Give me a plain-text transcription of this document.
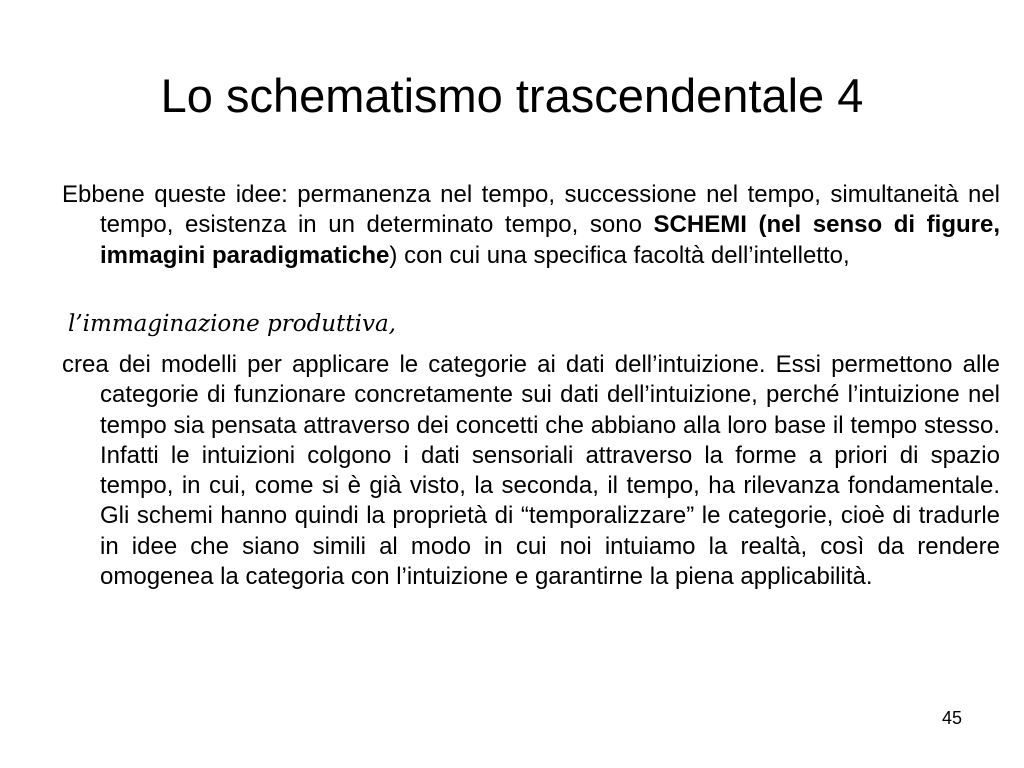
Lo schematismo trascendentale 4

Ebbene queste idee: permanenza nel tempo, successione nel tempo, simultaneità nel tempo, esistenza in un determinato tempo, sono SCHEMI (nel senso di figure, immagini paradigmatiche) con cui una specifica facoltà dell’intelletto,

l’immaginazione produttiva,

crea dei modelli per applicare le categorie ai dati dell’intuizione. Essi permettono alle categorie di funzionare concretamente sui dati dell’intuizione, perché l’intuizione nel tempo sia pensata attraverso dei concetti che abbiano alla loro base il tempo stesso. Infatti le intuizioni colgono i dati sensoriali attraverso la forme a priori di spazio tempo, in cui, come si è già visto, la seconda, il tempo, ha rilevanza fondamentale. Gli schemi hanno quindi la proprietà di “temporalizzare” le categorie, cioè di tradurle in idee che siano simili al modo in cui noi intuiamo la realtà, così da rendere omogenea la categoria con l’intuizione e garantirne la piena applicabilità.

45
